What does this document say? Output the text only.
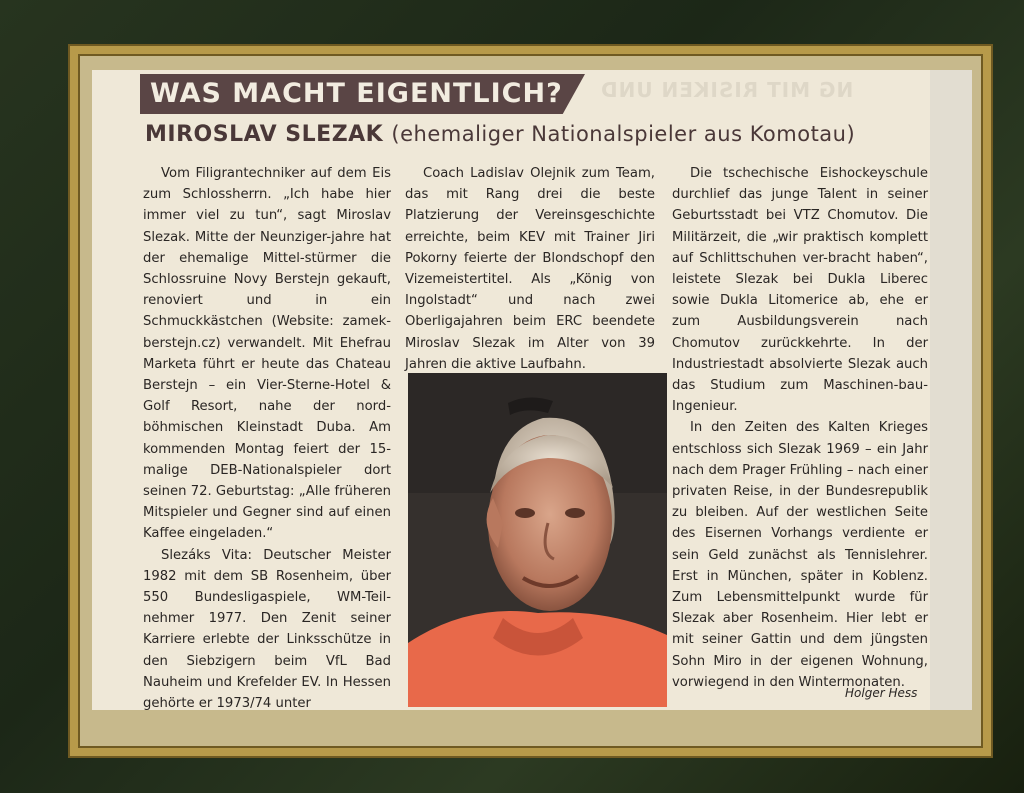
NG MIT RISIKEN UND
WAS MACHT EIGENTLICH?
MIROSLAV SLEZAK (ehemaliger Nationalspieler aus Komotau)

Vom Filigrantechniker auf dem Eis zum Schlossherrn. „Ich habe hier immer viel zu tun“, sagt Miroslav Slezak. Mitte der Neunziger-jahre hat der ehemalige Mittel-stürmer die Schlossruine Novy Berstejn gekauft, renoviert und in ein Schmuckkästchen (Website: zamek-berstejn.cz) verwandelt. Mit Ehefrau Marketa führt er heute das Chateau Berstejn – ein Vier-Sterne-Hotel & Golf Resort, nahe der nord-böhmischen Kleinstadt Duba. Am kommenden Montag feiert der 15-malige DEB-Nationalspieler dort seinen 72. Geburtstag: „Alle früheren Mitspieler und Gegner sind auf einen Kaffee eingeladen.“

Slezáks Vita: Deutscher Meister 1982 mit dem SB Rosenheim, über 550 Bundesligaspiele, WM-Teil-nehmer 1977. Den Zenit seiner Karriere erlebte der Linksschütze in den Siebzigern beim VfL Bad Nauheim und Krefelder EV. In Hessen gehörte er 1973/74 unter

Coach Ladislav Olejnik zum Team, das mit Rang drei die beste Platzierung der Vereinsgeschichte erreichte, beim KEV mit Trainer Jiri Pokorny feierte der Blondschopf den Vizemeistertitel. Als „König von Ingolstadt“ und nach zwei Oberligajahren beim ERC beendete Miroslav Slezak im Alter von 39 Jahren die aktive Laufbahn.

Die tschechische Eishockeyschule durchlief das junge Talent in seiner Geburtsstadt bei VTZ Chomutov. Die Militärzeit, die „wir praktisch komplett auf Schlittschuhen ver-bracht haben“, leistete Slezak bei Dukla Liberec sowie Dukla Litomerice ab, ehe er zum Ausbildungsverein nach Chomutov zurückkehrte. In der Industriestadt absolvierte Slezak auch das Studium zum Maschinen-bau-Ingenieur.

In den Zeiten des Kalten Krieges entschloss sich Slezak 1969 – ein Jahr nach dem Prager Frühling – nach einer privaten Reise, in der Bundesrepublik zu bleiben. Auf der westlichen Seite des Eisernen Vorhangs verdiente er sein Geld zunächst als Tennislehrer. Erst in München, später in Koblenz. Zum Lebensmittelpunkt wurde für Slezak aber Rosenheim. Hier lebt er mit seiner Gattin und dem jüngsten Sohn Miro in der eigenen Wohnung, vorwiegend in den Wintermonaten.

Holger Hess
